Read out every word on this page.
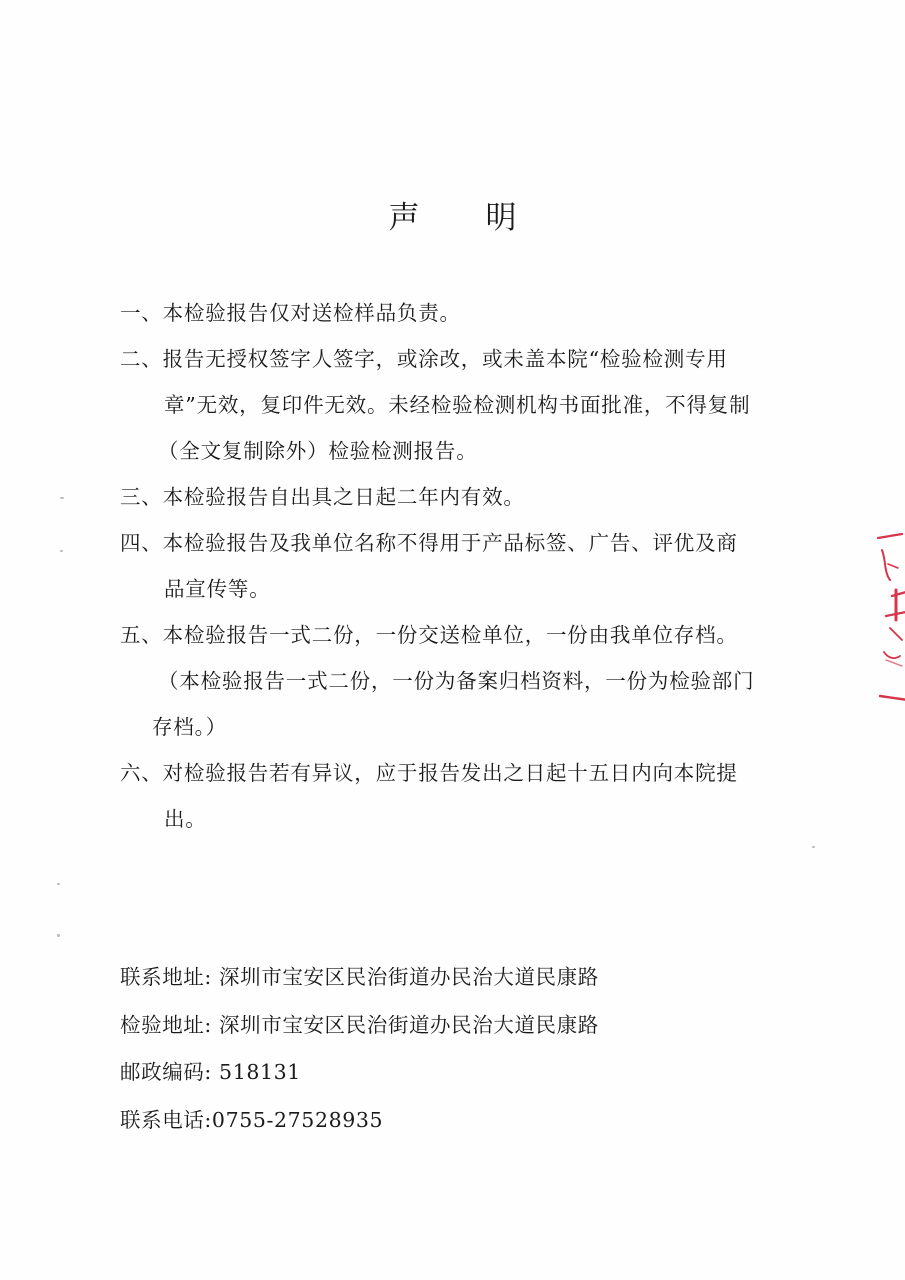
声 明
一、本检验报告仅对送检样品负责。
二、报告无授权签字人签字，或涂改，或未盖本院“检验检测专用
章”无效，复印件无效。未经检验检测机构书面批准，不得复制
（全文复制除外）检验检测报告。
三、本检验报告自出具之日起二年内有效。
四、本检验报告及我单位名称不得用于产品标签、广告、评优及商
品宣传等。
五、本检验报告一式二份，一份交送检单位，一份由我单位存档。
（本检验报告一式二份，一份为备案归档资料，一份为检验部门
存档。）
六、对检验报告若有异议，应于报告发出之日起十五日内向本院提
出。
联系地址: 深圳市宝安区民治街道办民治大道民康路
检验地址: 深圳市宝安区民治街道办民治大道民康路
邮政编码: 518131
联系电话:0755-27528935
